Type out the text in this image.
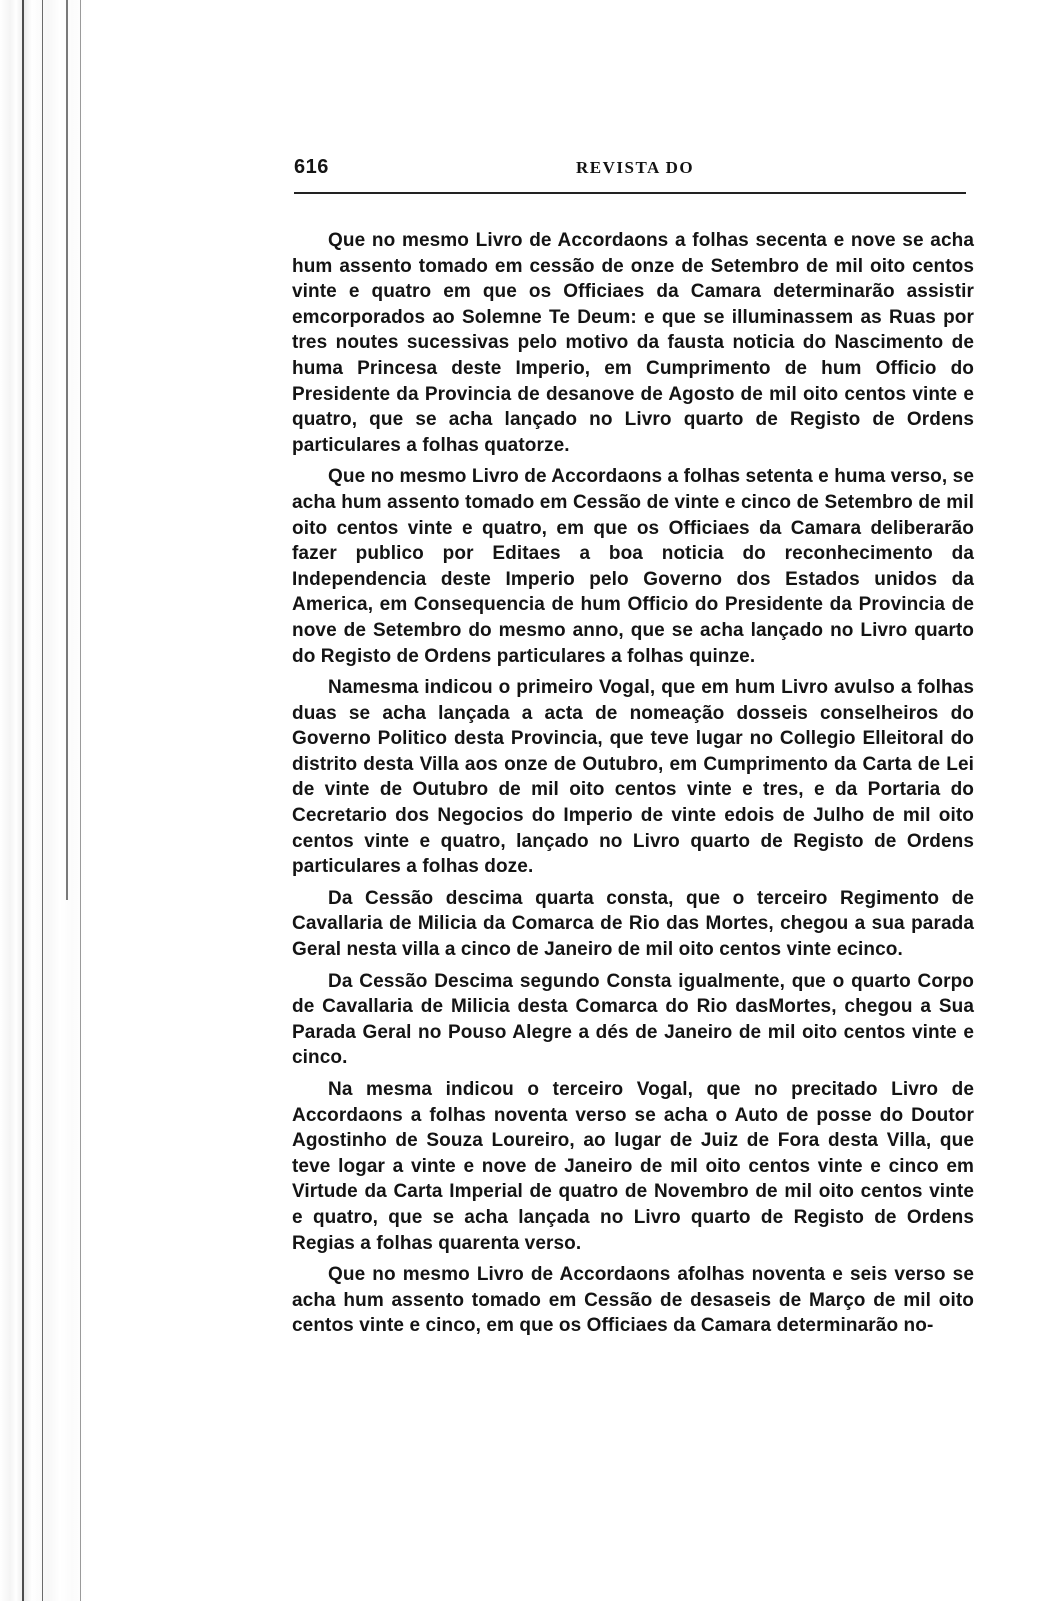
616	REVISTA DO

Que no mesmo Livro de Accordaons a folhas secenta e nove se acha hum assento tomado em cessão de onze de Setembro de mil oito centos vinte e quatro em que os Officiaes da Camara determinarão assistir emcorporados ao Solemne Te Deum: e que se illuminassem as Ruas por tres noutes sucessivas pelo motivo da fausta noticia do Nascimento de huma Princesa deste Imperio, em Cumprimento de hum Officio do Presidente da Provincia de desanove de Agosto de mil oito centos vinte e quatro, que se acha lançado no Livro quarto de Registo de Ordens particulares a folhas quatorze.

Que no mesmo Livro de Accordaons a folhas setenta e huma verso, se acha hum assento tomado em Cessão de vinte e cinco de Setembro de mil oito centos vinte e quatro, em que os Officiaes da Camara deliberarão fazer publico por Editaes a boa noticia do reconhecimento da Independencia deste Imperio pelo Governo dos Estados unidos da America, em Consequencia de hum Officio do Presidente da Provincia de nove de Setembro do mesmo anno, que se acha lançado no Livro quarto do Registo de Ordens particulares a folhas quinze.

Namesma indicou o primeiro Vogal, que em hum Livro avulso a folhas duas se acha lançada a acta de nomeação dosseis conselheiros do Governo Politico desta Provincia, que teve lugar no Collegio Elleitoral do distrito desta Villa aos onze de Outubro, em Cumprimento da Carta de Lei de vinte de Outubro de mil oito centos vinte e tres, e da Portaria do Cecretario dos Negocios do Imperio de vinte edois de Julho de mil oito centos vinte e quatro, lançado no Livro quarto de Registo de Ordens particulares a folhas doze.

Da Cessão descima quarta consta, que o terceiro Regimento de Cavallaria de Milicia da Comarca de Rio das Mortes, chegou a sua parada Geral nesta villa a cinco de Janeiro de mil oito centos vinte ecinco.

Da Cessão Descima segundo Consta igualmente, que o quarto Corpo de Cavallaria de Milicia desta Comarca do Rio dasMortes, chegou a Sua Parada Geral no Pouso Alegre a dés de Janeiro de mil oito centos vinte e cinco.

Na mesma indicou o terceiro Vogal, que no precitado Livro de Accordaons a folhas noventa verso se acha o Auto de posse do Doutor Agostinho de Souza Loureiro, ao lugar de Juiz de Fora desta Villa, que teve logar a vinte e nove de Janeiro de mil oito centos vinte e cinco em Virtude da Carta Imperial de quatro de Novembro de mil oito centos vinte e quatro, que se acha lançada no Livro quarto de Registo de Ordens Regias a folhas quarenta verso.

Que no mesmo Livro de Accordaons afolhas noventa e seis verso se acha hum assento tomado em Cessão de desaseis de Março de mil oito centos vinte e cinco, em que os Officiaes da Camara determinarão no-
